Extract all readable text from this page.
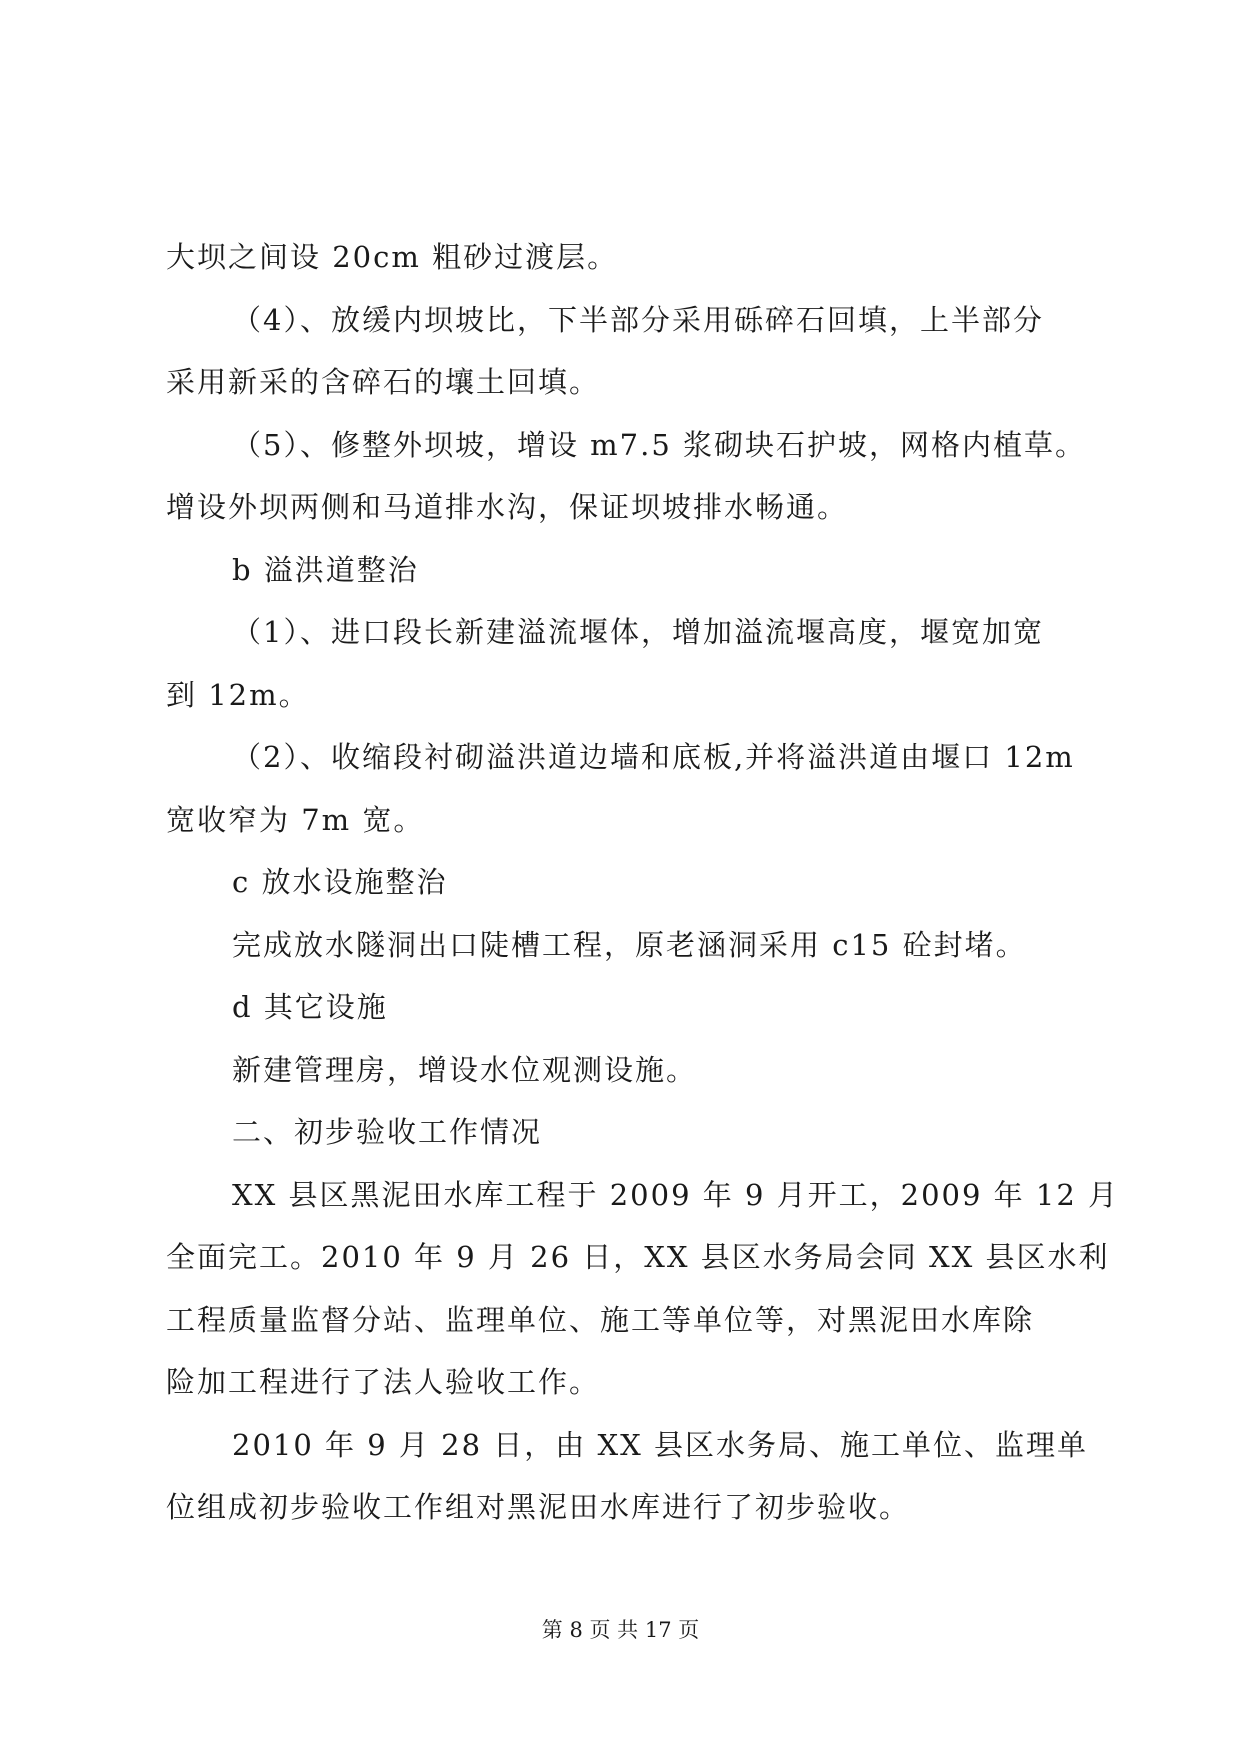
大坝之间设 20cm 粗砂过渡层。
（4）、放缓内坝坡比，下半部分采用砾碎石回填，上半部分
采用新采的含碎石的壤土回填。
（5）、修整外坝坡，增设 m7.5 浆砌块石护坡，网格内植草。
增设外坝两侧和马道排水沟，保证坝坡排水畅通。
b 溢洪道整治
（1）、进口段长新建溢流堰体，增加溢流堰高度，堰宽加宽
到 12m。
（2）、收缩段衬砌溢洪道边墙和底板,并将溢洪道由堰口 12m
宽收窄为 7m 宽。
c 放水设施整治
完成放水隧洞出口陡槽工程，原老涵洞采用 c15 砼封堵。
d 其它设施
新建管理房，增设水位观测设施。
二、初步验收工作情况
XX 县区黑泥田水库工程于 2009 年 9 月开工，2009 年 12 月
全面完工。2010 年 9 月 26 日，XX 县区水务局会同 XX 县区水利
工程质量监督分站、监理单位、施工等单位等，对黑泥田水库除
险加工程进行了法人验收工作。
2010 年 9 月 28 日，由 XX 县区水务局、施工单位、监理单
位组成初步验收工作组对黑泥田水库进行了初步验收。
第 8 页 共 17 页
